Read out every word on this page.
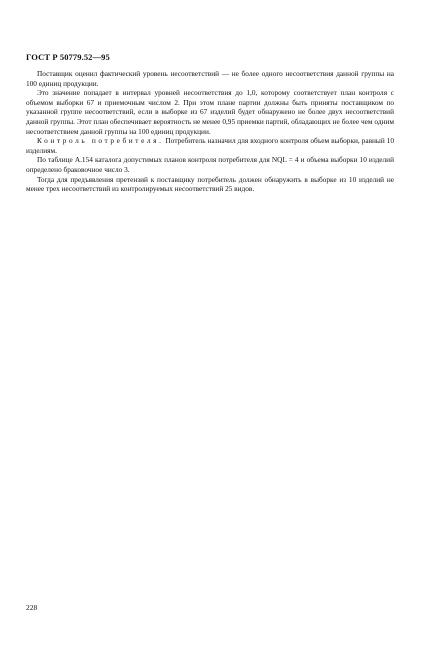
ГОСТ Р 50779.52—95

Поставщик оценил фактический уровень несоответствий — не более одного несоответствия данной группы на 100 единиц продукции.

Это значение попадает в интервал уровней несоответствия до 1,0, которому соответствует план контроля с объемом выборки 67 и приемочным числом 2. При этом плане партии должны быть приняты поставщиком по указанной группе несоответствий, если в выборке из 67 изделий будет обнаружено не более двух несоответствий данной группы. Этот план обеспечивает вероятность не менее 0,95 приемки партий, обладающих не более чем одним несоответствием данной группы на 100 единиц продукции.

Контроль потребителя. Потребитель назначил для входного контроля объем выборки, равный 10 изделиям.

По таблице А.154 каталога допустимых планов контроля потребителя для NQL = 4 и объема выборки 10 изделий определено браковочное число 3.

Тогда для предъявления претензий к поставщику потребитель должен обнаружить в выборке из 10 изделий не менее трех несоответствий из контролируемых несоответствий 25 видов.

228
